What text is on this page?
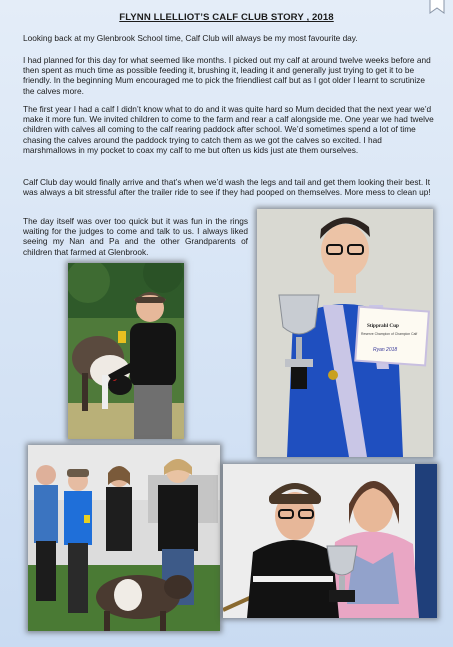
FLYNN LLELLIOT’S CALF CLUB STORY , 2018

Looking back at my Glenbrook School time, Calf Club will always be my most favourite day.

I had planned for this day for what seemed like months. I picked out my calf at around twelve weeks before and then spent as much time as possible feeding it, brushing it, leading it and generally just trying to get it to be friendly. In the beginning Mum encouraged me to pick the friendliest calf but as I got older I learnt to scrutinize the calves more.

The first year I had a calf I didn’t know what to do and it was quite hard so Mum decided that the next year we’d make it more fun. We invited children to come to the farm and rear a calf alongside me. One year we had twelve children with calves all coming to the calf rearing paddock after school. We’d sometimes spend a lot of time chasing the calves around the paddock trying to catch them as we got the calves so excited. I had marshmallows in my pocket to coax my calf to me but often us kids just ate them ourselves.

Calf Club day would finally arrive and that’s when we’d wash the legs and tail and get them looking their best. It was always a bit stressful after the trailer ride to see if they had pooped on themselves. More mess to clean up!

The day itself was over too quick but it was fun in the rings waiting for the judges to come and talk to us. I always liked seeing my Nan and Pa and the other Grandparents of children that farmed at Glenbrook.

Stipprahl Cup
Reserve Champion of Champion Calf
Ryan 2018
